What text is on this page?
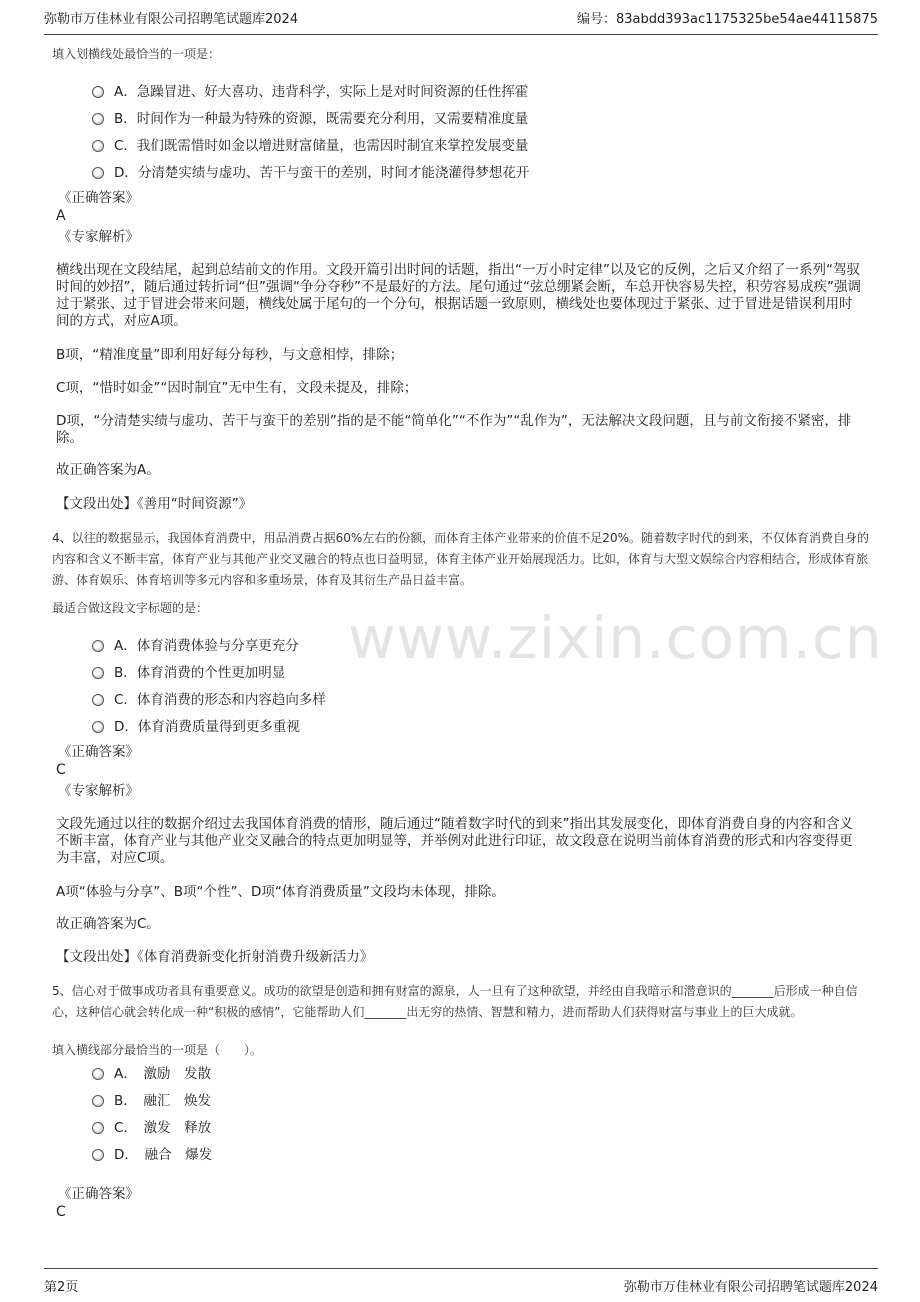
弥勒市万佳林业有限公司招聘笔试题库2024	编号：83abdd393ac1175325be54ae44115875
www.zixin.com.cn
填入划横线处最恰当的一项是：
A．急躁冒进、好大喜功、违背科学，实际上是对时间资源的任性挥霍
B．时间作为一种最为特殊的资源，既需要充分利用，又需要精准度量
C．我们既需惜时如金以增进财富储量，也需因时制宜来掌控发展变量
D．分清楚实绩与虚功、苦干与蛮干的差别，时间才能浇灌得梦想花开
《正确答案》
A
《专家解析》
横线出现在文段结尾，起到总结前文的作用。文段开篇引出时间的话题，指出“一万小时定律”以及它的反例，之后又介绍了一系列“驾驭时间的妙招”，随后通过转折词“但”强调“争分夺秒”不是最好的方法。尾句通过“弦总绷紧会断，车总开快容易失控，积劳容易成疾”强调过于紧张、过于冒进会带来问题，横线处属于尾句的一个分句，根据话题一致原则，横线处也要体现过于紧张、过于冒进是错误利用时间的方式，对应A项。
B项，“精准度量”即利用好每分每秒，与文意相悖，排除；
C项，“惜时如金”“因时制宜”无中生有，文段未提及，排除；
D项，“分清楚实绩与虚功、苦干与蛮干的差别”指的是不能“简单化”“不作为”“乱作为”，无法解决文段问题，且与前文衔接不紧密，排除。
故正确答案为A。
【文段出处】《善用“时间资源”》
4、以往的数据显示，我国体育消费中，用品消费占据60%左右的份额，而体育主体产业带来的价值不足20%。随着数字时代的到来，不仅体育消费自身的内容和含义不断丰富，体育产业与其他产业交叉融合的特点也日益明显，体育主体产业开始展现活力。比如，体育与大型文娱综合内容相结合，形成体育旅游、体育娱乐、体育培训等多元内容和多重场景，体育及其衍生产品日益丰富。
最适合做这段文字标题的是：
A．体育消费体验与分享更充分
B．体育消费的个性更加明显
C．体育消费的形态和内容趋向多样
D．体育消费质量得到更多重视
《正确答案》
C
《专家解析》
文段先通过以往的数据介绍过去我国体育消费的情形，随后通过“随着数字时代的到来”指出其发展变化，即体育消费自身的内容和含义不断丰富，体育产业与其他产业交叉融合的特点更加明显等，并举例对此进行印证，故文段意在说明当前体育消费的形式和内容变得更为丰富，对应C项。
A项“体验与分享”、B项“个性”、D项“体育消费质量”文段均未体现，排除。
故正确答案为C。
【文段出处】《体育消费新变化折射消费升级新活力》
5、信心对于做事成功者具有重要意义。成功的欲望是创造和拥有财富的源泉，人一旦有了这种欲望，并经由自我暗示和潜意识的_______后形成一种自信心，这种信心就会转化成一种“积极的感情”，它能帮助人们_______出无穷的热情、智慧和精力，进而帮助人们获得财富与事业上的巨大成就。
填入横线部分最恰当的一项是（　　）。
A．　激励　发散
B．　融汇　焕发
C．　激发　释放
D．　融合　爆发
《正确答案》
C
第2页	弥勒市万佳林业有限公司招聘笔试题库2024
